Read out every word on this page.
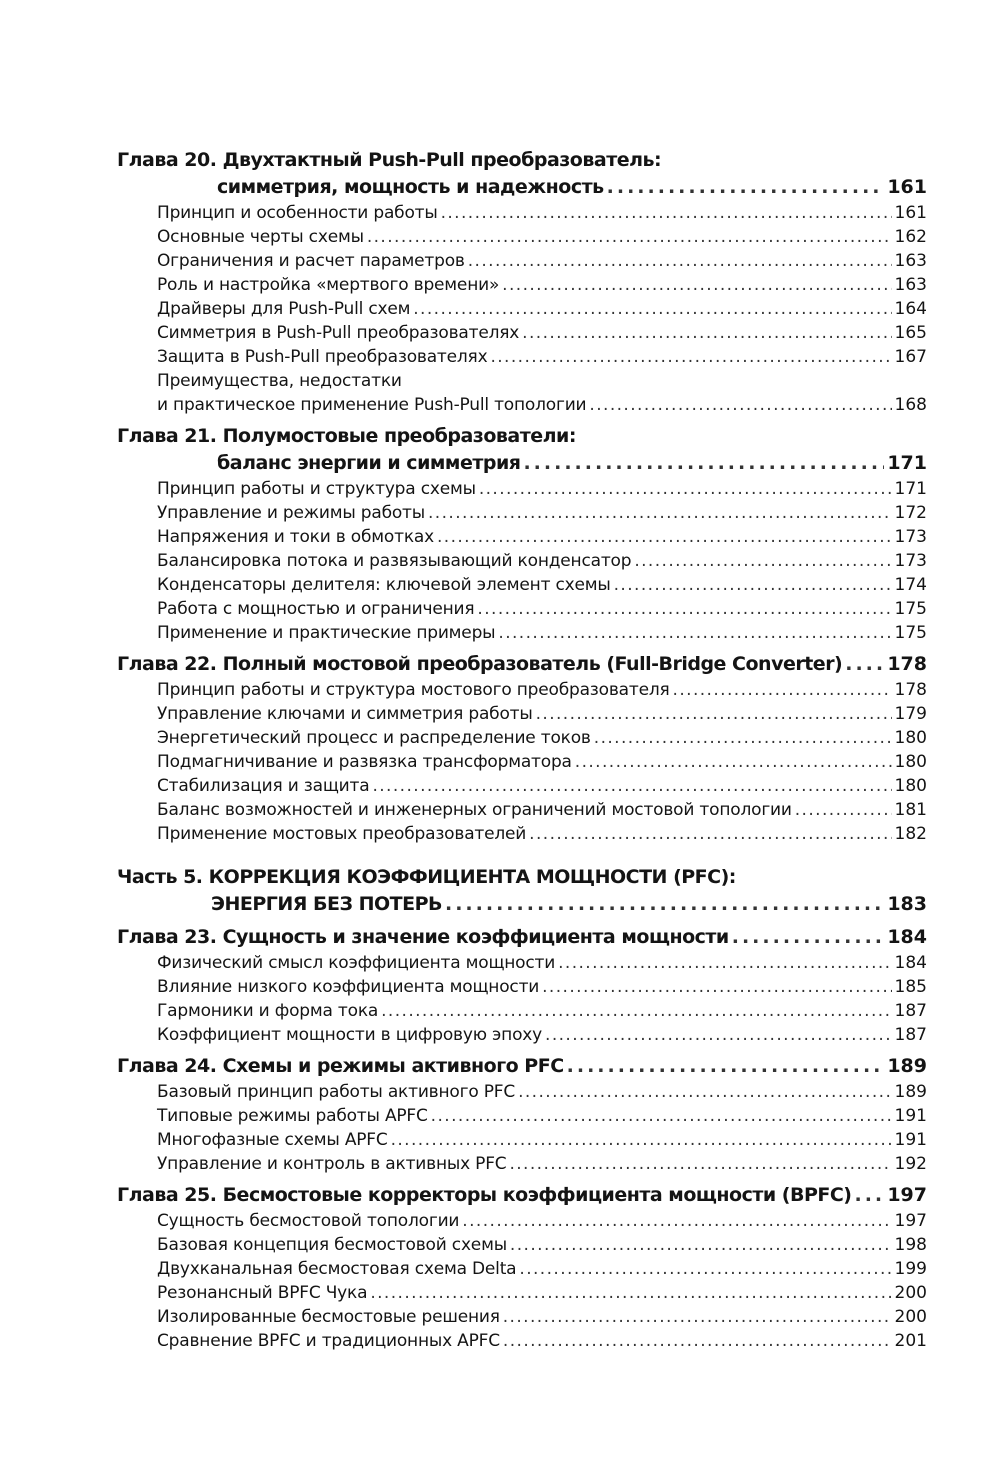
Глава 20. Двухтактный Push-Pull преобразователь:
симметрия, мощность и надежность .....	161
Принцип и особенности работы .....	161
Основные черты схемы .....	162
Ограничения и расчет параметров .....	163
Роль и настройка «мертвого времени» .....	163
Драйверы для Push-Pull схем .....	164
Симметрия в Push-Pull преобразователях .....	165
Защита в Push-Pull преобразователях .....	167
Преимущества, недостатки
и практическое применение Push-Pull топологии .....	168
Глава 21. Полумостовые преобразователи:
баланс энергии и симметрия .....	171
Принцип работы и структура схемы .....	171
Управление и режимы работы .....	172
Напряжения и токи в обмотках .....	173
Балансировка потока и развязывающий конденсатор .....	173
Конденсаторы делителя: ключевой элемент схемы .....	174
Работа с мощностью и ограничения .....	175
Применение и практические примеры .....	175
Глава 22. Полный мостовой преобразователь (Full-Bridge Converter) ..... 178
Принцип работы и структура мостового преобразователя .....	178
Управление ключами и симметрия работы .....	179
Энергетический процесс и распределение токов .....	180
Подмагничивание и развязка трансформатора .....	180
Стабилизация и защита .....	180
Баланс возможностей и инженерных ограничений мостовой топологии .....	181
Применение мостовых преобразователей .....	182
Часть 5. КОРРЕКЦИЯ КОЭФФИЦИЕНТА МОЩНОСТИ (PFC):
ЭНЕРГИЯ БЕЗ ПОТЕРЬ .....	183
Глава 23. Сущность и значение коэффициента мощности .....	184
Физический смысл коэффициента мощности .....	184
Влияние низкого коэффициента мощности .....	185
Гармоники и форма тока .....	187
Коэффициент мощности в цифровую эпоху .....	187
Глава 24. Схемы и режимы активного PFC .....	189
Базовый принцип работы активного PFC .....	189
Типовые режимы работы APFC .....	191
Многофазные схемы APFC .....	191
Управление и контроль в активных PFC .....	192
Глава 25. Бесмостовые корректоры коэффициента мощности (BPFC) ..... 197
Сущность бесмостовой топологии .....	197
Базовая концепция бесмостовой схемы .....	198
Двухканальная бесмостовая схема Delta .....	199
Резонансный BPFC Чука .....	200
Изолированные бесмостовые решения .....	200
Сравнение BPFC и традиционных APFC .....	201
